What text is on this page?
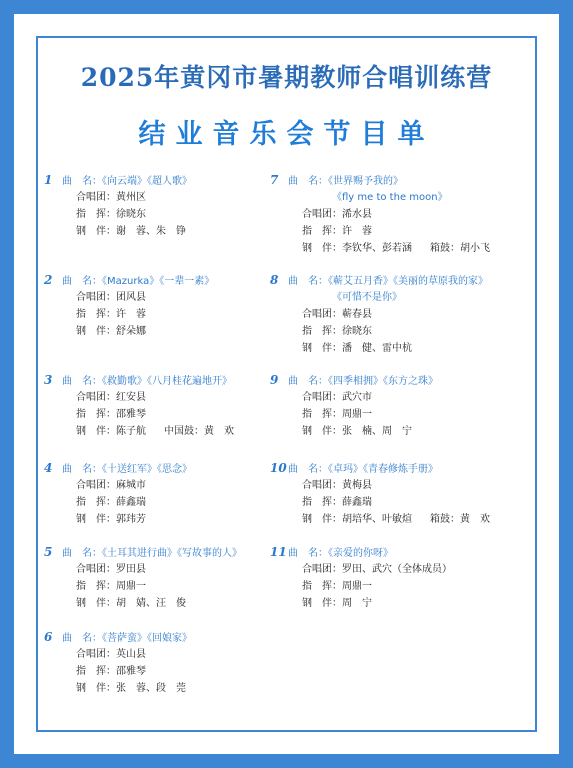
2025年黄冈市暑期教师合唱训练营
结业音乐会节目单
1 曲　名：《向云端》《超人歌》
合唱团：黄州区
指　挥：徐晓东
钢　伴：谢　蓉、朱　铮
2 曲　名：《Mazurka》《一辈一素》
合唱团：团风县
指　挥：许　蓉
钢　伴：舒朵娜
3 曲　名：《救勤歌》《八月桂花遍地开》
合唱团：红安县
指　挥：邵雅琴
钢　伴：陈子航 中国鼓：黄　欢
4 曲　名：《十送红军》《思念》
合唱团：麻城市
指　挥：薛鑫瑞
钢　伴：郭玮芳
5 曲　名：《土耳其进行曲》《写故事的人》
合唱团：罗田县
指　挥：周鼎一
钢　伴：胡　婧、汪　俊
6 曲　名：《菩萨蛮》《回娘家》
合唱团：英山县
指　挥：邵雅琴
钢　伴：张　蓉、段　莞
7 曲　名：《世界赐予我的》
《fly me to the moon》
合唱团：浠水县
指　挥：许　蓉
钢　伴：李钦华、彭若涵 箱鼓：胡小飞
8 曲　名：《蕲艾五月香》《美丽的草原我的家》
《可惜不是你》
合唱团：蕲春县
指　挥：徐晓东
钢　伴：潘　健、雷中杭
9 曲　名：《四季相拥》《东方之珠》
合唱团：武穴市
指　挥：周鼎一
钢　伴：张　楠、周　宁
10曲　名：《卓玛》《青春修炼手册》
合唱团：黄梅县
指　挥：薛鑫瑞
钢　伴：胡培华、叶敏煊 箱鼓：黄　欢
11曲　名：《亲爱的你呀》
合唱团：罗田、武穴（全体成员）
指　挥：周鼎一
钢　伴：周　宁
